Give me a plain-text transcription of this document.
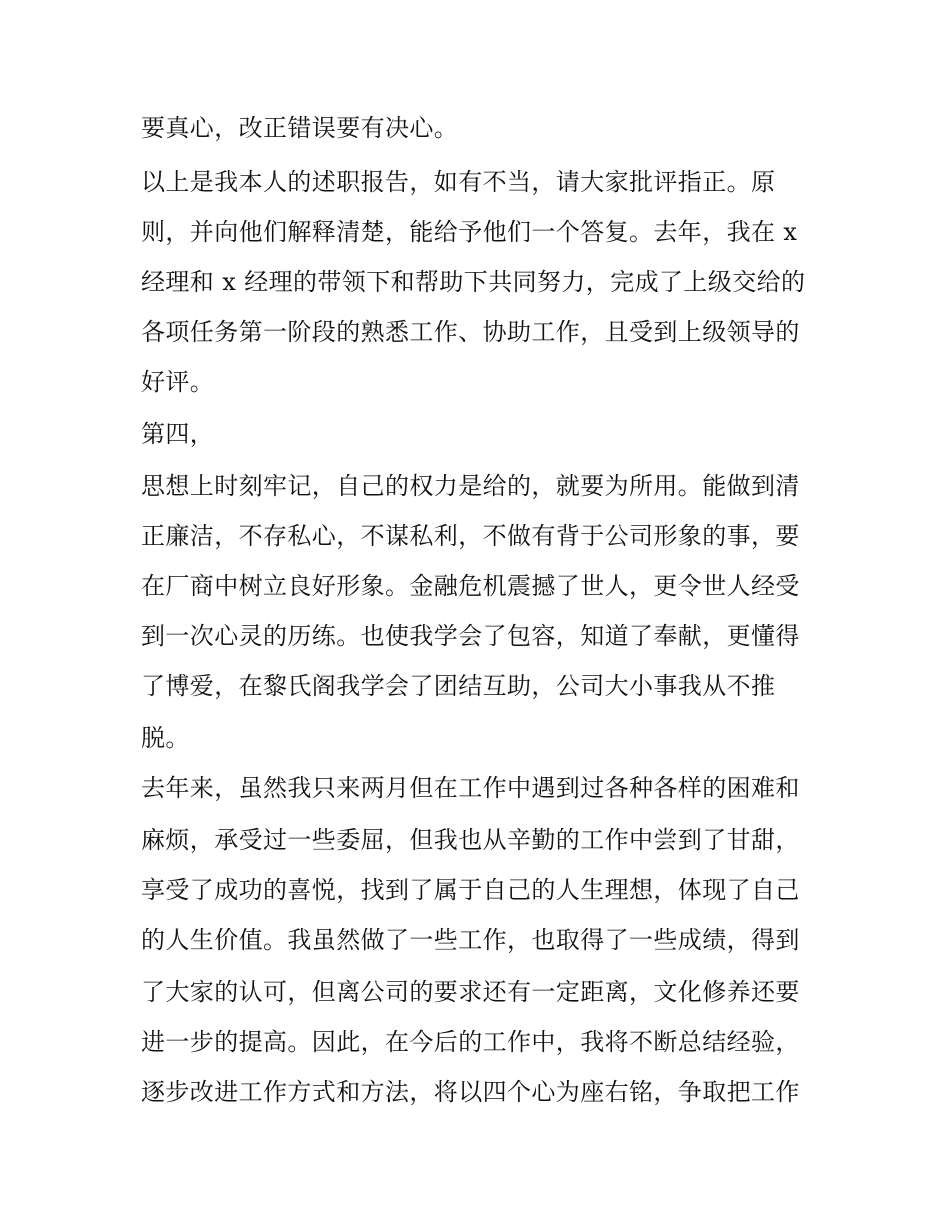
要真心，改正错误要有决心。
以上是我本人的述职报告，如有不当，请大家批评指正。原
则，并向他们解释清楚，能给予他们一个答复。去年，我在 x
经理和 x 经理的带领下和帮助下共同努力，完成了上级交给的
各项任务第一阶段的熟悉工作、协助工作，且受到上级领导的
好评。
第四，
思想上时刻牢记，自己的权力是给的，就要为所用。能做到清
正廉洁，不存私心，不谋私利，不做有背于公司形象的事，要
在厂商中树立良好形象。金融危机震撼了世人，更令世人经受
到一次心灵的历练。也使我学会了包容，知道了奉献，更懂得
了博爱，在黎氏阁我学会了团结互助，公司大小事我从不推
脱。
去年来，虽然我只来两月但在工作中遇到过各种各样的困难和
麻烦，承受过一些委屈，但我也从辛勤的工作中尝到了甘甜，
享受了成功的喜悦，找到了属于自己的人生理想，体现了自己
的人生价值。我虽然做了一些工作，也取得了一些成绩，得到
了大家的认可，但离公司的要求还有一定距离，文化修养还要
进一步的提高。因此，在今后的工作中，我将不断总结经验，
逐步改进工作方式和方法，将以四个心为座右铭，争取把工作
